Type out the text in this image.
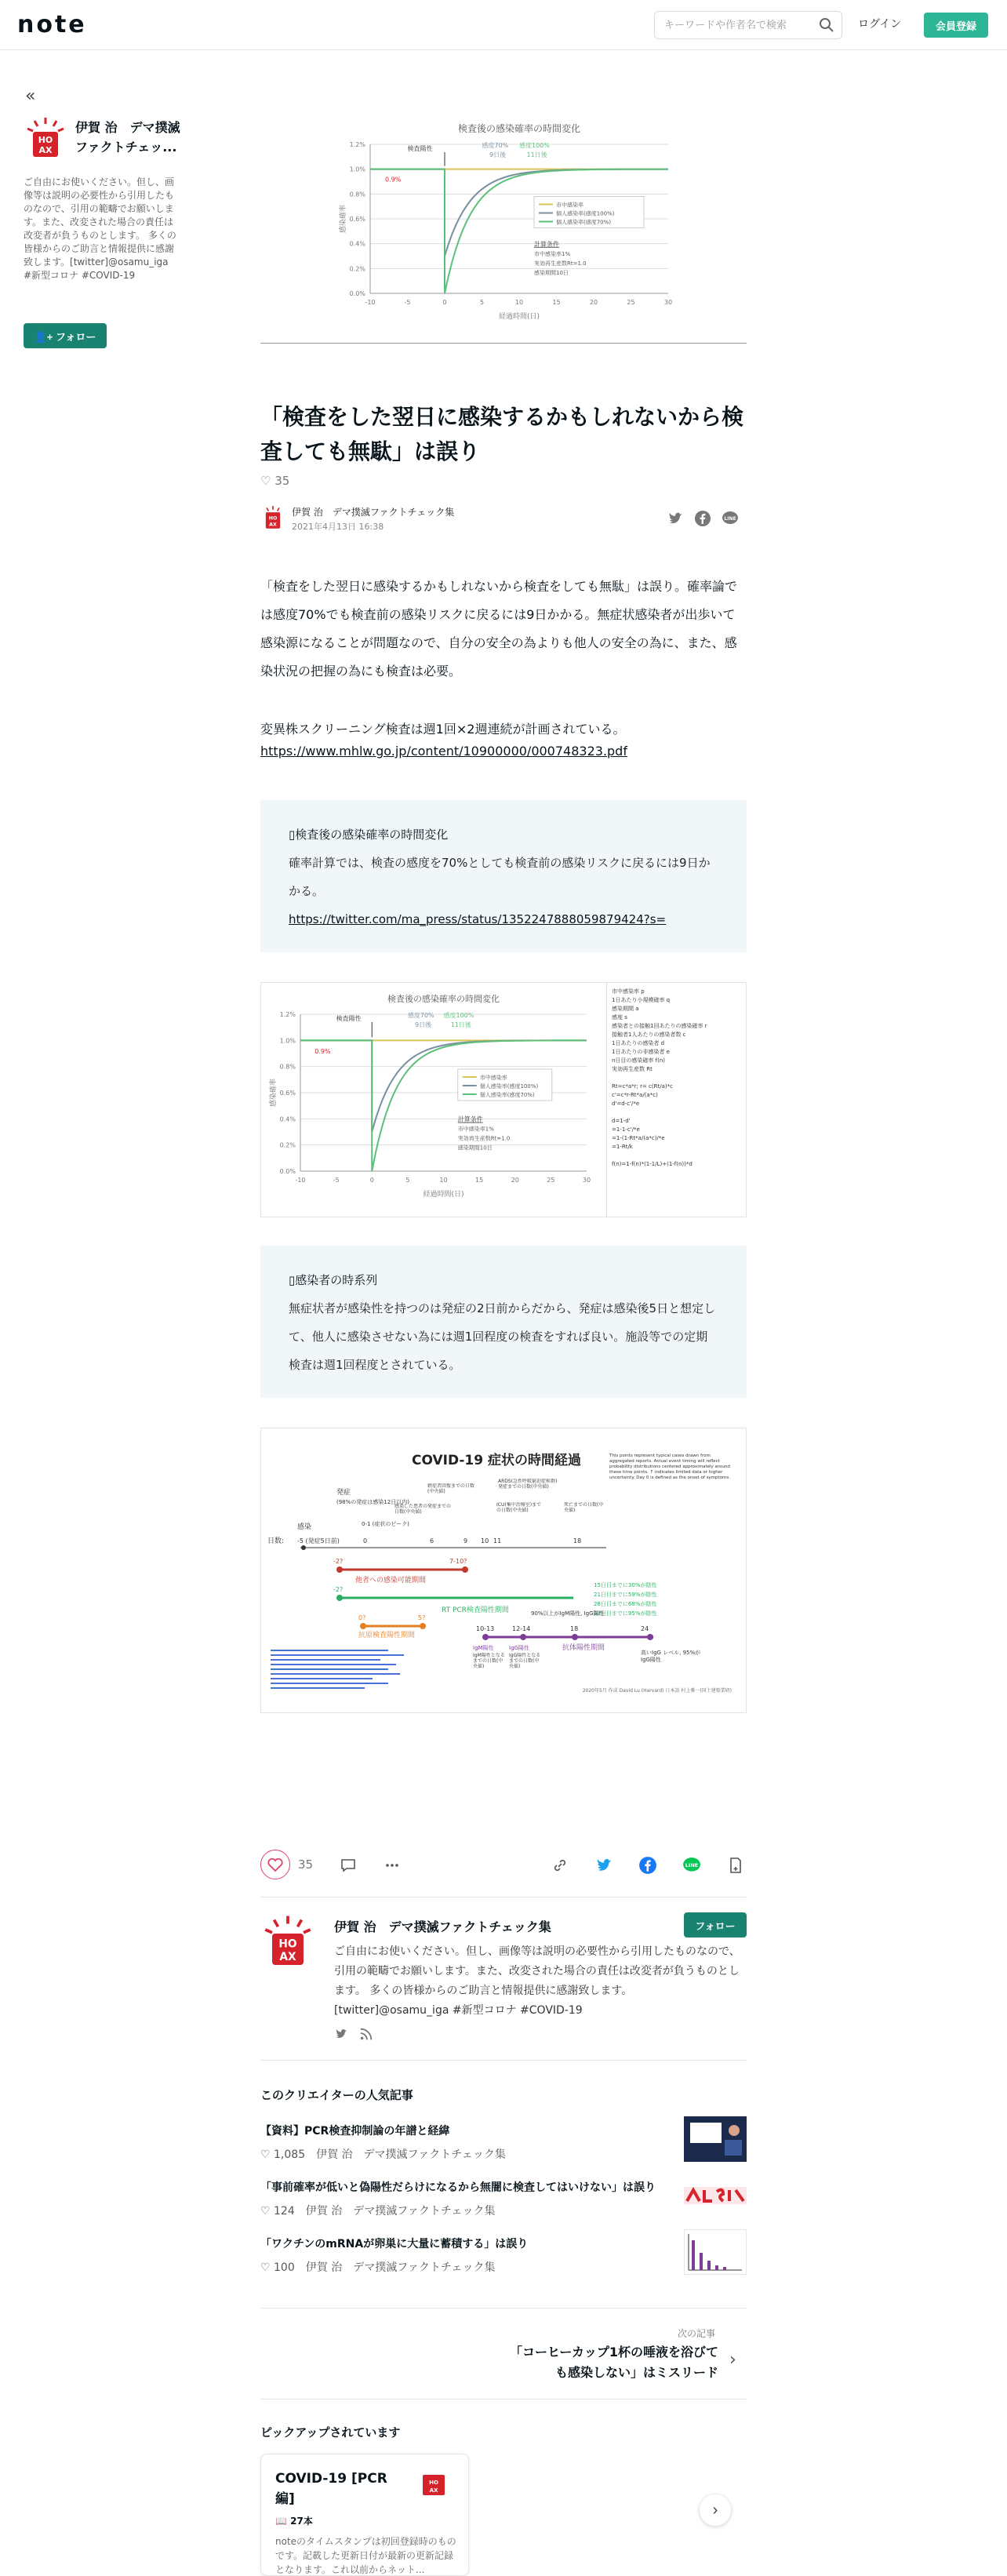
note
キーワードや作者名で検索	ログイン	会員登録
«
HO
AX
伊賀 治　デマ撲滅ファクトチェッ...
ご自由にお使いください。但し、画像等は説明の必要性から引用したものなので、引用の範疇でお願いします。また、改変された場合の責任は改変者が負うものとします。 多くの皆様からのご助言と情報提供に感謝致します。[twitter]@osamu_iga #新型コロナ #COVID-19
👤+ フォロー
検査後の感染確率の時間変化
0.0%
0.2%
0.4%
0.6%
0.8%
1.0%
1.2%
-10	-5	0	5	10	15	20	25	30
経過時間(日)
感染確率
検査陽性	感度70% 感度100%
9日後	11日後
0.9%
市中感染率
個人感染率(感度100%)
個人感染率(感度70%)
計算条件
市中感染率1%
実効再生産数Rt=1.0
感染期間10日
「検査をした翌日に感染するかもしれないから検査しても無駄」は誤り
♡ 35
HO
AX
伊賀 治　デマ撲滅ファクトチェック集
2021年4月13日 16:38
LINE
「検査をした翌日に感染するかもしれないから検査をしても無駄」は誤り。確率論では感度70%でも検査前の感染リスクに戻るには9日かかる。無症状感染者が出歩いて感染源になることが問題なので、自分の安全の為よりも他人の安全の為に、また、感染状況の把握の為にも検査は必要。
変異株スクリーニング検査は週1回×2週連続が計画されている。
https://www.mhlw.go.jp/content/10900000/000748323.pdf
▯検査後の感染確率の時間変化
確率計算では、検査の感度を70%としても検査前の感染リスクに戻るには9日かかる。
https://twitter.com/ma_press/status/1352247888059879424?s=
検査後の感染確率の時間変化
0.0%
0.2%
0.4%
0.6%
0.8%
1.0%
1.2%
-10	-5	0	5	10	15	20	25	30
経過時間(日)
感染確率
検査陽性	感度70% 感度100%
9日後	11日後
0.9%
市中感染率
個人感染率(感度100%)
個人感染率(感度70%)
計算条件
市中感染率1%
実効再生産数Rt=1.0
感染期間10日
市中感染率 p
1日あたり小規模確率 q
感染期間 a
感度 s
感染者との接触1回あたりの感染確率 r
接触者1人あたりの感染者数 c
1日あたりの感染者 d
1日あたりの非感染者 e
n日目の感染確率 f(n)
実効再生産数 Rt

Rt=c*a*r; r= c(Rt/a)*c
c'=c*r-Rt*a/(a*c)
d'=d-c'/*e

d=1-d'
=1-1-c'/*e
=1-(1-Rt*a/(a*c)/*e
=1-Rt/k

f(n)=1-f(n)*(1-1/L)+(1-f(n))*d
▯感染者の時系列
無症状者が感染性を持つのは発症の2日前からだから、発症は感染後5日と想定して、他人に感染させない為には週1回程度の検査をすれば良い。施設等での定期検査は週1回程度とされている。
COVID-19 症状の時間経過	This points represent typical cases drawn from aggregated reports. Actual event timing will reflect probability distributions centered approximately around these time points. ↑ indicates limited data or higher uncertainty. Day 0 is defined as the onset of symptoms.
日数:
感染
発症
(98%の発症は感染12日以内)
-5 (発症5日前)	0	6	9 10 11	18
0-1 (症状のピーク)
感染した患者の発症までの日数(中央値)
軽症者回復までの日数(中央値)
ICU(集中治療室)までの日数(中央値)
ARDS(急性呼吸窮迫症候群)発症までの日数(中央値)
死亡までの日数(中央値)
-2?	7-10?
他者への感染可能期間
-2?
RT PCR検査陽性期間
15日目までに30%が陰性
21日目までに59%が陰性
28日目までに68%が陰性
33日目までに95%が陰性
0?	5?
抗原検査陽性期間
10-13	12-14	18	24
90%以上がIgM陽性, IgG陽性
IgM陽性	IgG陽性	抗体陽性期間
IgM陽性となるまでの日数(中央値)
IgG陽性となるまでの日数(中央値)
高いIgG レベル, 95%がIgG陽性
2020年5月 作成 David Lu (Harvard) 日本語 村上雅一(国土建築業研)
35	LINE
HO
AX
伊賀 治　デマ撲滅ファクトチェック集	フォロー
ご自由にお使いください。但し、画像等は説明の必要性から引用したものなので、引用の範疇でお願いします。また、改変された場合の責任は改変者が負うものとします。 多くの皆様からのご助言と情報提供に感謝致します。[twitter]@osamu_iga #新型コロナ #COVID-19

このクリエイターの人気記事
【資料】PCR検査抑制論の年譜と経緯
♡ 1,085　 伊賀 治　デマ撲滅ファクトチェック集
「事前確率が低いと偽陽性だらけになるから無闇に検査してはいけない」は誤り
♡ 124　 伊賀 治　デマ撲滅ファクトチェック集
「ワクチンのmRNAが卵巣に大量に蓄積する」は誤り
♡ 100　 伊賀 治　デマ撲滅ファクトチェック集
次の記事
「コーヒーカップ1杯の唾液を浴びても感染しない」はミスリード
›
ピックアップされています
COVID-19 [PCR編]
📖 27本
noteのタイムスタンプは初回登録時のものです。記載した更新日付が最新の更新記録となります。これ以前からネット...
HO
AX
›
